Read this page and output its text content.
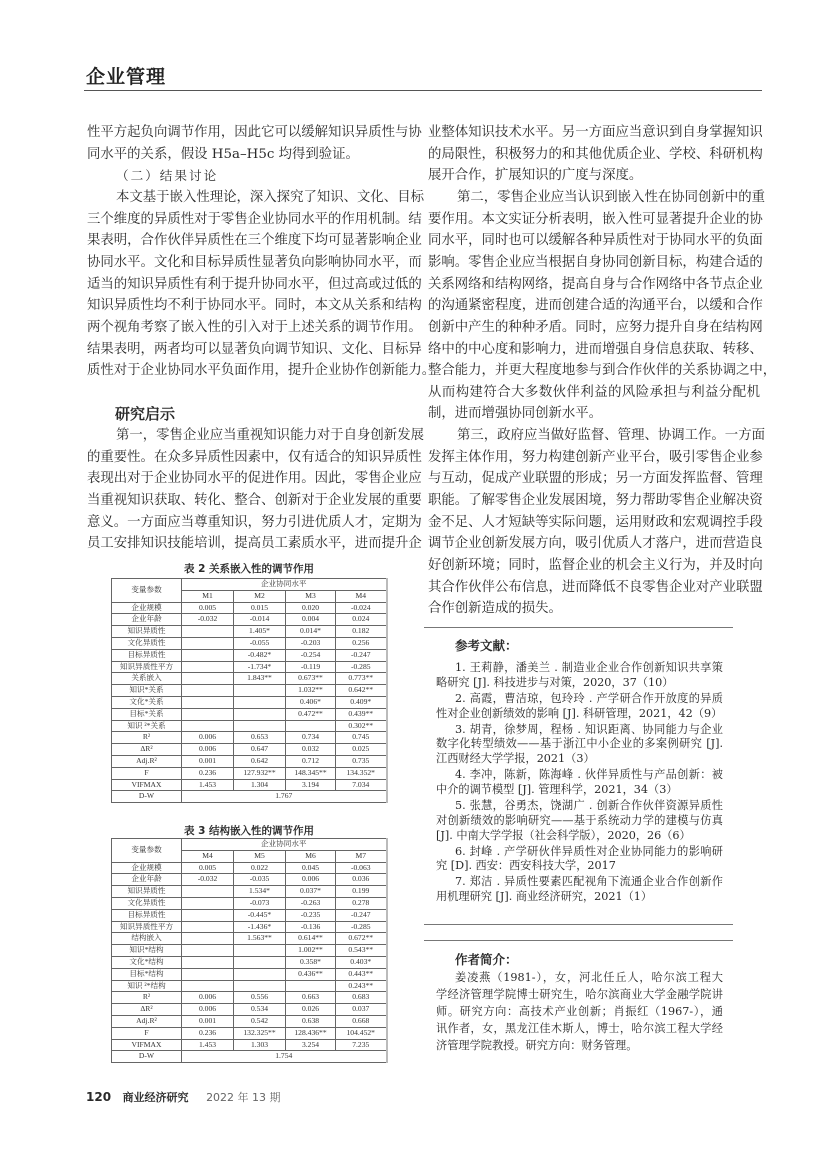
企业管理
性平方起负向调节作用，因此它可以缓解知识异质性与协
同水平的关系，假设 H5a–H5c 均得到验证。
（二）结果讨论
本文基于嵌入性理论，深入探究了知识、文化、目标
三个维度的异质性对于零售企业协同水平的作用机制。结
果表明，合作伙伴异质性在三个维度下均可显著影响企业
协同水平。文化和目标异质性显著负向影响协同水平，而
适当的知识异质性有利于提升协同水平，但过高或过低的
知识异质性均不利于协同水平。同时，本文从关系和结构
两个视角考察了嵌入性的引入对于上述关系的调节作用。
结果表明，两者均可以显著负向调节知识、文化、目标异
质性对于企业协同水平负面作用，提升企业协作创新能力。
研究启示
第一，零售企业应当重视知识能力对于自身创新发展
的重要性。在众多异质性因素中，仅有适合的知识异质性
表现出对于企业协同水平的促进作用。因此，零售企业应
当重视知识获取、转化、整合、创新对于企业发展的重要
意义。一方面应当尊重知识，努力引进优质人才，定期为
员工安排知识技能培训，提高员工素质水平，进而提升企
业整体知识技术水平。另一方面应当意识到自身掌握知识
的局限性，积极努力的和其他优质企业、学校、科研机构
展开合作，扩展知识的广度与深度。
第二，零售企业应当认识到嵌入性在协同创新中的重
要作用。本文实证分析表明，嵌入性可显著提升企业的协
同水平，同时也可以缓解各种异质性对于协同水平的负面
影响。零售企业应当根据自身协同创新目标，构建合适的
关系网络和结构网络，提高自身与合作网络中各节点企业
的沟通紧密程度，进而创建合适的沟通平台，以缓和合作
创新中产生的种种矛盾。同时，应努力提升自身在结构网
络中的中心度和影响力，进而增强自身信息获取、转移、
整合能力，并更大程度地参与到合作伙伴的关系协调之中，
从而构建符合大多数伙伴利益的风险承担与利益分配机
制，进而增强协同创新水平。
第三，政府应当做好监督、管理、协调工作。一方面
发挥主体作用，努力构建创新产业平台，吸引零售企业参
与互动，促成产业联盟的形成；另一方面发挥监督、管理
职能。了解零售企业发展困境，努力帮助零售企业解决资
金不足、人才短缺等实际问题，运用财政和宏观调控手段
调节企业创新发展方向，吸引优质人才落户，进而营造良
好创新环境；同时，监督企业的机会主义行为，并及时向
其合作伙伴公布信息，进而降低不良零售企业对产业联盟
合作创新造成的损失。
表 2 关系嵌入性的调节作用
变量参数	企业协同水平			
	M1	M2	M3	M4
企业规模	0.005	0.015	0.020	-0.024
企业年龄	-0.032	-0.014	0.004	0.024
知识异质性		1.405*	0.014*	0.182
文化异质性		-0.055	-0.203	0.256
目标异质性		-0.482*	-0.254	-0.247
知识异质性平方		-1.734*	-0.119	-0.285
关系嵌入		1.843**	0.673**	0.773**
知识*关系			1.032**	0.642**
文化*关系			0.406*	0.409*
目标*关系			0.472**	0.439**
知识 ²*关系				0.302**
R²	0.006	0.653	0.734	0.745
ΔR²	0.006	0.647	0.032	0.025
Adj.R²	0.001	0.642	0.712	0.735
F	0.236	127.932**	148.345**	134.352*
VIFMAX	1.453	1.304	3.194	7.034
D-W	1.767			
表 3 结构嵌入性的调节作用
变量参数	企业协同水平			
	M4	M5	M6	M7
企业规模	0.005	0.022	0.045	-0.063
企业年龄	-0.032	-0.035	0.006	0.036
知识异质性		1.534*	0.037*	0.199
文化异质性		-0.073	-0.263	0.278
目标异质性		-0.445*	-0.235	-0.247
知识异质性平方		-1.436*	-0.136	-0.285
结构嵌入		1.563**	0.614**	0.672**
知识*结构			1.002**	0.543**
文化*结构			0.358*	0.403*
目标*结构			0.436**	0.443**
知识 ²*结构				0.243**
R²	0.006	0.556	0.663	0.683
ΔR²	0.006	0.534	0.026	0.037
Adj.R²	0.001	0.542	0.638	0.668
F	0.236	132.325**	128.436**	104.452*
VIFMAX	1.453	1.303	3.254	7.235
D-W	1.754			
参考文献：
1. 王莉静，潘美兰 . 制造业企业合作创新知识共享策
略研究 [J]. 科技进步与对策，2020，37（10）
2. 高霞，曹洁琼，包玲玲 . 产学研合作开放度的异质
性对企业创新绩效的影响 [J]. 科研管理，2021，42（9）
3. 胡青，徐梦周，程杨 . 知识距离、协同能力与企业
数字化转型绩效——基于浙江中小企业的多案例研究 [J].
江西财经大学学报，2021（3）
4. 李冲，陈新，陈海峰 . 伙伴异质性与产品创新：被
中介的调节模型 [J]. 管理科学，2021，34（3）
5. 张慧，谷勇杰，饶湖广 . 创新合作伙伴资源异质性
对创新绩效的影响研究——基于系统动力学的建模与仿真
[J]. 中南大学学报（社会科学版），2020，26（6）
6. 封峰 . 产学研伙伴异质性对企业协同能力的影响研
究 [D]. 西安：西安科技大学，2017
7. 郑洁 . 异质性要素匹配视角下流通企业合作创新作
用机理研究 [J]. 商业经济研究，2021（1）
作者简介：
姜凌燕（1981-），女，河北任丘人，哈尔滨工程大
学经济管理学院博士研究生，哈尔滨商业大学金融学院讲
师。研究方向：高技术产业创新；肖振红（1967-），通
讯作者，女，黑龙江佳木斯人，博士，哈尔滨工程大学经
济管理学院教授。研究方向：财务管理。
120 商业经济研究 2022 年 13 期
